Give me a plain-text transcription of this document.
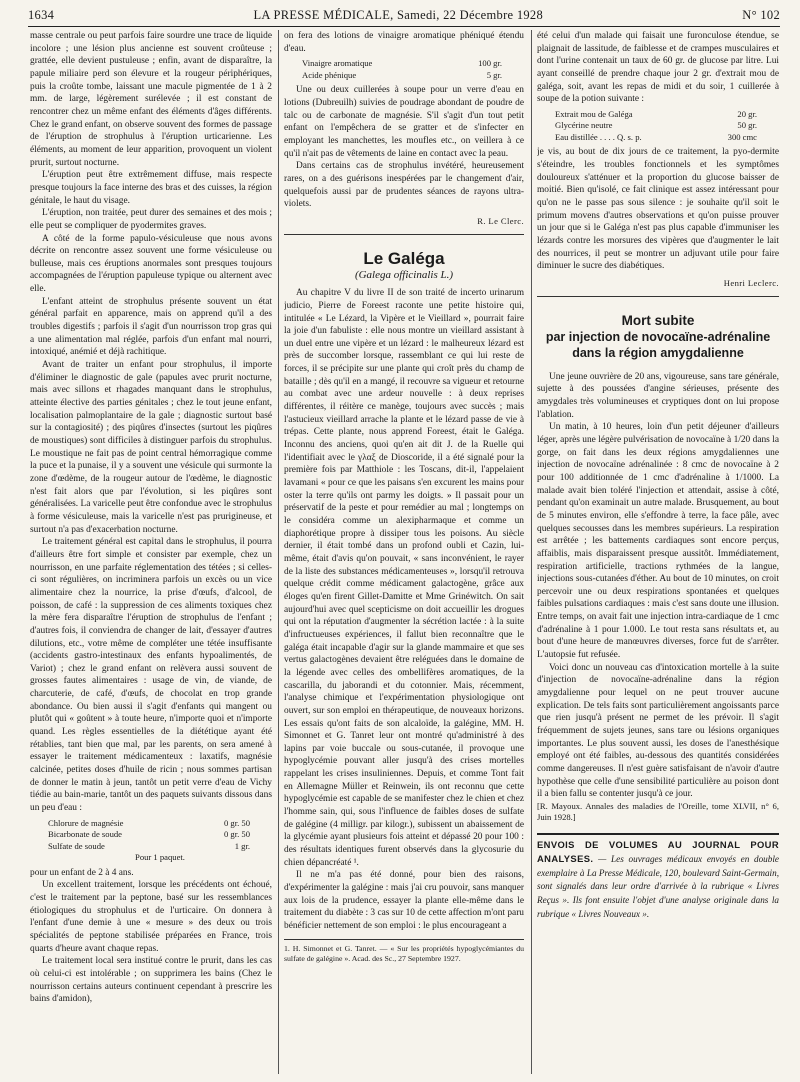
1634	LA PRESSE MÉDICALE, Samedi, 22 Décembre 1928	N° 102

masse centrale ou peut parfois faire sourdre une trace de liquide incolore ; une lésion plus ancienne est souvent croûteuse ; grattée, elle devient pustuleuse ; enfin, avant de disparaître, la papule miliaire perd son élevure et la rougeur périphériques, puis la croûte tombe, laissant une macule pigmentée de 1 à 2 mm. de large, légèrement surélevée ; il est constant de rencontrer chez un même enfant des éléments d'âges différents. Chez le grand enfant, on observe souvent des formes de passage de l'éruption de strophulus à l'éruption urticarienne. Les éléments, au moment de leur apparition, provoquent un violent prurit, surtout nocturne.

L'éruption peut être extrêmement diffuse, mais respecte presque toujours la face interne des bras et des cuisses, la région génitale, le haut du visage.

L'éruption, non traitée, peut durer des semaines et des mois ; elle peut se compliquer de pyodermites graves.

A côté de la forme papulo-vésiculeuse que nous avons décrite on rencontre assez souvent une forme vésiculeuse ou bulleuse, mais ces éruptions anormales sont presques toujours accompagnées de l'éruption papuleuse typique ou alternent avec elle.

L'enfant atteint de strophulus présente souvent un état général parfait en apparence, mais on apprend qu'il a des troubles digestifs ; parfois il s'agit d'un nourrisson trop gras qui a une alimentation mal réglée, parfois d'un enfant mal nourri, intoxiqué, anémié et déjà rachitique.

Avant de traiter un enfant pour strophulus, il importe d'éliminer le diagnostic de gale (papules avec prurit nocturne, mais avec sillons et rhagades manquant dans le strophulus, atteinte élective des parties génitales ; chez le tout jeune enfant, localisation palmoplantaire de la gale ; diagnostic surtout basé sur la contagiosité) ; des piqûres d'insectes (surtout les piqûres de moustiques) sont difficiles à distinguer parfois du strophulus. Le moustique ne fait pas de point central hémorragique comme la puce et la punaise, il y a souvent une vésicule qui surmonte la zone d'œdème, de la rougeur autour de l'œdème, le diagnostic n'est fait alors que par l'évolution, si les piqûres sont généralisées. La varicelle peut être confondue avec le strophulus à forme vésiculeuse, mais la varicelle n'est pas prurigineuse, et surtout n'a pas d'exacerbation nocturne.

Le traitement général est capital dans le strophulus, il pourra d'ailleurs être fort simple et consister par exemple, chez un nourrisson, en une parfaite réglementation des tétées ; si celles-ci sont régulières, on incriminera parfois un excès ou un vice alimentaire chez la nourrice, la prise d'œufs, d'alcool, de poisson, de café : la suppression de ces aliments toxiques chez la mère fera disparaître l'éruption de strophulus de l'enfant ; d'autres fois, il conviendra de changer de lait, d'essayer d'autres dilutions, etc., votre même de compléter une tétée insuffisante (accidents gastro-intestinaux des enfants hypoalimentés, de Variot) ; chez le grand enfant on relèvera aussi souvent de grosses fautes alimentaires : usage de vin, de viande, de charcuterie, de café, d'œufs, de chocolat en trop grande abondance. Ou bien aussi il s'agit d'enfants qui mangent ou plutôt qui « goûtent » à toute heure, n'importe quoi et n'importe quand. Les règles essentielles de la diététique ayant été rétablies, tant bien que mal, par les parents, on sera amené à essayer le traitement médicamenteux : laxatifs, magnésie calcinée, petites doses d'huile de ricin ; nous sommes partisan de donner le matin à jeun, tantôt un petit verre d'eau de Vichy tiédie au bain-marie, tantôt un des paquets suivants dissous dans un peu d'eau :

Chlorure de magnésie	0 gr. 50
Bicarbonate de soude	0 gr. 50
Sulfate de soude	1 gr.
Pour 1 paquet.

pour un enfant de 2 à 4 ans.

Un excellent traitement, lorsque les précédents ont échoué, c'est le traitement par la peptone, basé sur les ressemblances étiologiques du strophulus et de l'urticaire. On donnera à l'enfant d'une demie à une « mesure » des deux ou trois spécialités de peptone stabilisée préparées en France, trois quarts d'heure avant chaque repas.

Le traitement local sera institué contre le prurit, dans les cas où celui-ci est intolérable ; on supprimera les bains (Chez le nourrisson certains auteurs continuent cependant à prescrire les bains d'amidon),

on fera des lotions de vinaigre aromatique phéniqué étendu d'eau.

Vinaigre aromatique	100 gr.
Acide phénique	5 gr.

Une ou deux cuillerées à soupe pour un verre d'eau en lotions (Dubreuilh) suivies de poudrage abondant de poudre de talc ou de carbonate de magnésie. S'il s'agit d'un tout petit enfant on l'empêchera de se gratter et de s'infecter en employant les manchettes, les moufles etc., on veillera à ce qu'il n'ait pas de vêtements de laine en contact avec la peau.

Dans certains cas de strophulus invétéré, heureusement rares, on a des guérisons inespérées par le changement d'air, quelquefois aussi par de prudentes séances de rayons ultra-violets.

R. Le Clerc.
Le Galéga
(Galega officinalis L.)

Au chapitre V du livre II de son traité de incerto urinarum judicio, Pierre de Foreest raconte une petite histoire qui, intitulée « Le Lézard, la Vipère et le Vieillard », pourrait faire la joie d'un fabuliste : elle nous montre un vieillard assistant à un duel entre une vipère et un lézard : le malheureux lézard est près de succomber lorsque, rassemblant ce qui lui reste de forces, il se précipite sur une plante qui croît près du champ de bataille ; dès qu'il en a mangé, il recouvre sa vigueur et retourne au combat avec une ardeur nouvelle : à deux reprises différentes, il réitère ce manège, toujours avec succès ; mais l'astucieux vieillard arrache la plante et le lézard passe de vie à trépas. Cette plante, nous apprend Foreest, était le Galéga. Inconnu des anciens, quoi qu'en ait dit J. de la Ruelle qui l'identifiait avec le γλαξ de Dioscoride, il a été signalé pour la première fois par Matthiole : les Toscans, dit-il, l'appelaient lavamani « pour ce que les paisans s'en excurent les mains pour oster la terre qu'ils ont parmy les doigts. » Il passait pour un préservatif de la peste et pour remédier au mal ; longtemps on le considéra comme un alexipharmaque et comme un diaphorétique propre à dissiper tous les poisons. Au siècle dernier, il était tombé dans un profond oubli et Cazin, lui-même, était d'avis qu'on pouvait, « sans inconvénient, le rayer de la liste des substances médicamenteuses », lorsqu'il retrouva quelque crédit comme médicament galactogène, grâce aux éloges qu'en firent Gillet-Damitte et Mme Grinéwitch. On sait aujourd'hui avec quel scepticisme on doit accueillir les drogues qui ont la réputation d'augmenter la sécrétion lactée : à la suite d'infructueuses expériences, il fallut bien reconnaître que le galéga était incapable d'agir sur la glande mammaire et que ses vertus galactogènes devaient être reléguées dans le domaine de la légende avec celles des ombellifères aromatiques, de la cascarilla, du jaborandi et du cotonnier. Mais, récemment, l'analyse chimique et l'expérimentation physiologique ont ouvert, sur son emploi en thérapeutique, de nouveaux horizons. Les essais qu'ont faits de son alcaloïde, la galégine, MM. H. Simonnet et G. Tanret leur ont montré qu'administré à des lapins par voie buccale ou sous-cutanée, il provoque une hypoglycémie pouvant aller jusqu'à des crises mortelles rappelant les crises insuliniennes. Depuis, et comme Tont fait en Allemagne Müller et Reinwein, ils ont reconnu que cette hypoglycémie est capable de se manifester chez le chien et chez l'homme sain, qui, sous l'influence de faibles doses de sulfate de galégine (4 milligr. par kilogr.), subissent un abaissement de la glycémie ayant plusieurs fois atteint et dépassé 20 pour 100 : des résultats identiques furent observés dans la glycosurie du chien dépancréaté ¹.

Il ne m'a pas été donné, pour bien des raisons, d'expérimenter la galégine : mais j'ai cru pouvoir, sans manquer aux lois de la prudence, essayer la plante elle-même dans le traitement du diabète : 3 cas sur 10 de cette affection m'ont paru bénéficier nettement de son emploi : le plus encourageant a

1. H. Simonnet et G. Tanret. — « Sur les propriétés hypoglycémiantes du sulfate de galégine ». Acad. des Sc., 27 Septembre 1927.

été celui d'un malade qui faisait une furonculose étendue, se plaignait de lassitude, de faiblesse et de crampes musculaires et dont l'urine contenait un taux de 60 gr. de glucose par litre. Lui ayant conseillé de prendre chaque jour 2 gr. d'extrait mou de galéga, soit, avant les repas de midi et du soir, 1 cuillerée à soupe de la potion suivante :

Extrait mou de Galéga	20 gr.
Glycérine neutre	50 gr.
Eau distillée . . . . Q. s. p.	300 cmc

je vis, au bout de dix jours de ce traitement, la pyo-dermite s'éteindre, les troubles fonctionnels et les symptômes douloureux s'atténuer et la proportion du glucose baisser de moitié. Bien qu'isolé, ce fait clinique est assez intéressant pour qu'on ne le passe pas sous silence : je souhaite qu'il soit le primum movens d'autres observations et qu'on puisse prouver un jour que si le Galéga n'est pas plus capable d'immuniser les lézards contre les morsures des vipères que d'augmenter le lait des nourrices, il peut se montrer un adjuvant utile pour faire diminuer le sucre des diabétiques.

Henri Leclerc.
Mort subite
par injection de novocaïne-adrénaline
dans la région amygdalienne

Une jeune ouvrière de 20 ans, vigoureuse, sans tare générale, sujette à des poussées d'angine sérieuses, présente des amygdales très volumineuses et cryptiques dont on lui propose l'ablation.

Un matin, à 10 heures, loin d'un petit déjeuner d'ailleurs léger, après une légère pulvérisation de novocaïne à 1/20 dans la gorge, on fait dans les deux régions amygdaliennes une injection de novocaïne adrénalinée : 8 cmc de novocaïne à 2 pour 100 additionnée de 1 cmc d'adrénaline à 1/1000. La malade avait bien toléré l'injection et attendait, assise à côté, pendant qu'on examinait un autre malade. Brusquement, au bout de 5 minutes environ, elle s'effondre à terre, la face pâle, avec quelques secousses dans les membres supérieurs. La respiration est arrêtée ; les battements cardiaques sont encore perçus, affaiblis, mais disparaissent presque aussitôt. Immédiatement, respiration artificielle, tractions rythmées de la langue, injections sous-cutanées d'éther. Au bout de 10 minutes, on croit percevoir une ou deux respirations spontanées et quelques faibles pulsations cardiaques : mais c'est sans doute une illusion. Entre temps, on avait fait une injection intra-cardiaque de 1 cmc d'adrénaline à 1 pour 1.000. Le tout resta sans résultats et, au bout d'une heure de manœuvres diverses, force fut de s'arrêter. L'autopsie fut refusée.

Voici donc un nouveau cas d'intoxication mortelle à la suite d'injection de novocaïne-adrénaline dans la région amygdalienne pour lequel on ne peut trouver aucune explication. De tels faits sont particulièrement angoissants parce que rien jusqu'à présent ne permet de les prévoir. Il s'agit fréquemment de sujets jeunes, sans tare ou lésions organiques importantes. Le plus souvent aussi, les doses de l'anesthésique employé ont été faibles, au-dessous des quantités considérées comme dangereuses. Il n'est guère satisfaisant de n'avoir d'autre hypothèse que celle d'une sensibilité particulière au poison dont il a bien fallu se contenter jusqu'à ce jour.

[R. Mayoux. Annales des maladies de l'Oreille, tome XLVII, n° 6, Juin 1928.]

ENVOIS DE VOLUMES AU JOURNAL POUR ANALYSES. — Les ouvrages médicaux envoyés en double exemplaire à La Presse Médicale, 120, boulevard Saint-Germain, sont signalés dans leur ordre d'arrivée à la rubrique « Livres Reçus ». Ils font ensuite l'objet d'une analyse originale dans la rubrique « Livres Nouveaux ».
